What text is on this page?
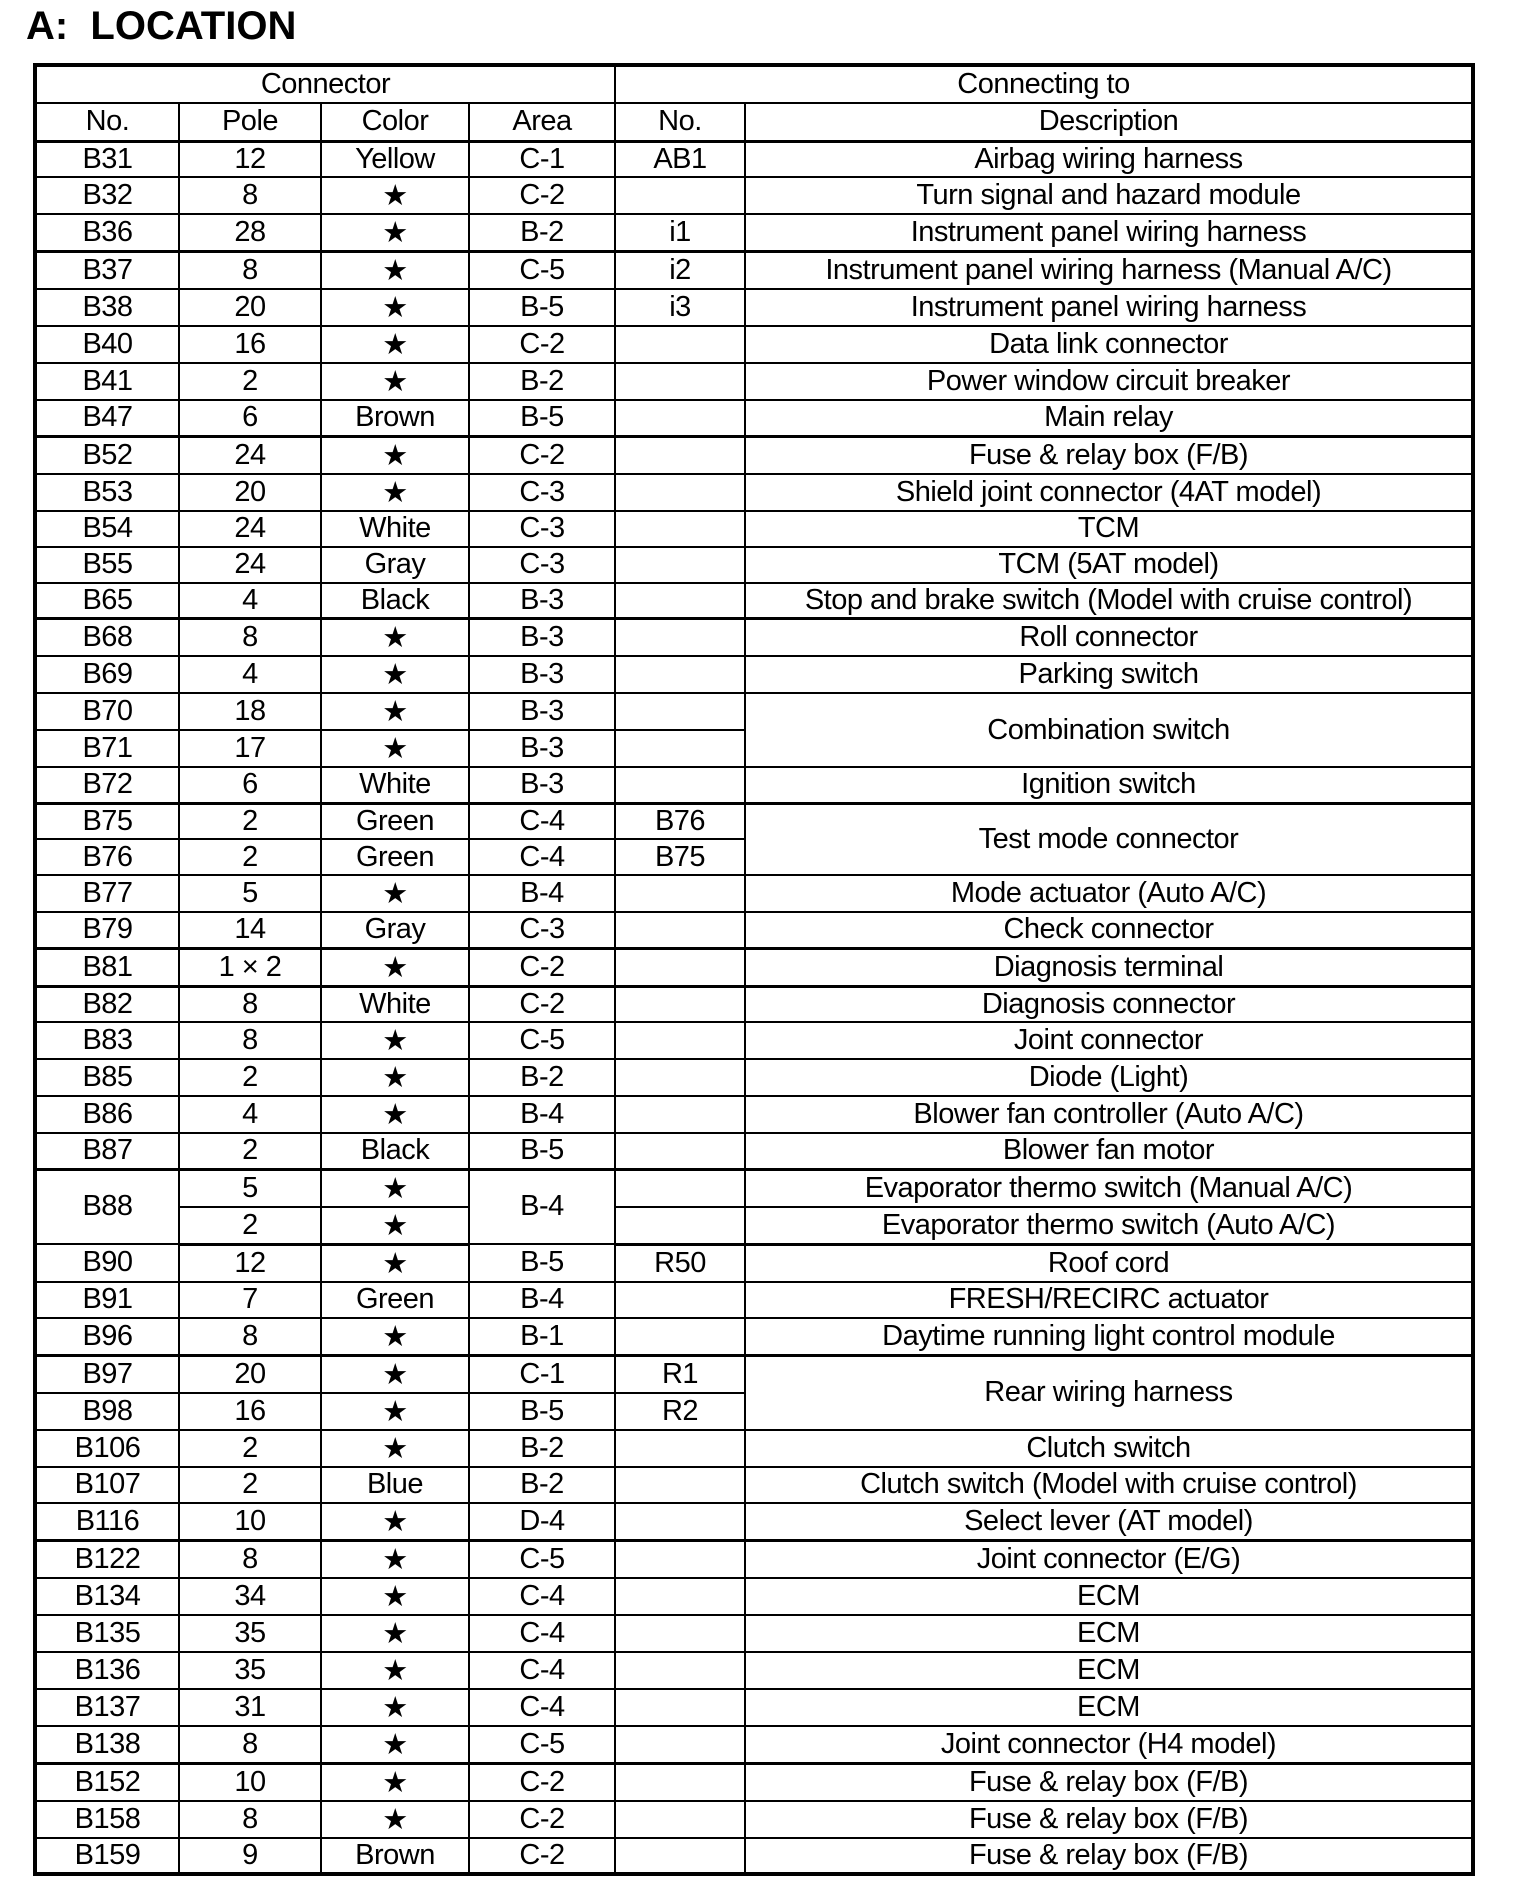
A:  LOCATION
Connector				Connecting to	
No.	Pole	Color	Area	No.	Description
B31	12	Yellow	C-1	AB1	Airbag wiring harness
B32	8	★	C-2		Turn signal and hazard module
B36	28	★	B-2	i1	Instrument panel wiring harness
B37	8	★	C-5	i2	Instrument panel wiring harness (Manual A/C)
B38	20	★	B-5	i3	Instrument panel wiring harness
B40	16	★	C-2		Data link connector
B41	2	★	B-2		Power window circuit breaker
B47	6	Brown	B-5		Main relay
B52	24	★	C-2		Fuse & relay box (F/B)
B53	20	★	C-3		Shield joint connector (4AT model)
B54	24	White	C-3		TCM
B55	24	Gray	C-3		TCM (5AT model)
B65	4	Black	B-3		Stop and brake switch (Model with cruise control)
B68	8	★	B-3		Roll connector
B69	4	★	B-3		Parking switch
B70	18	★	B-3		Combination switch
B71	17	★	B-3		
B72	6	White	B-3		Ignition switch
B75	2	Green	C-4	B76	Test mode connector
B76	2	Green	C-4	B75	
B77	5	★	B-4		Mode actuator (Auto A/C)
B79	14	Gray	C-3		Check connector
B81	1 × 2	★	C-2		Diagnosis terminal
B82	8	White	C-2		Diagnosis connector
B83	8	★	C-5		Joint connector
B85	2	★	B-2		Diode (Light)
B86	4	★	B-4		Blower fan controller (Auto A/C)
B87	2	Black	B-5		Blower fan motor
B88	5	★	B-4		Evaporator thermo switch (Manual A/C)
	2	★			Evaporator thermo switch (Auto A/C)
B90	12	★	B-5	R50	Roof cord
B91	7	Green	B-4		FRESH/RECIRC actuator
B96	8	★	B-1		Daytime running light control module
B97	20	★	C-1	R1	Rear wiring harness
B98	16	★	B-5	R2	
B106	2	★	B-2		Clutch switch
B107	2	Blue	B-2		Clutch switch (Model with cruise control)
B116	10	★	D-4		Select lever (AT model)
B122	8	★	C-5		Joint connector (E/G)
B134	34	★	C-4		ECM
B135	35	★	C-4		ECM
B136	35	★	C-4		ECM
B137	31	★	C-4		ECM
B138	8	★	C-5		Joint connector (H4 model)
B152	10	★	C-2		Fuse & relay box (F/B)
B158	8	★	C-2		Fuse & relay box (F/B)
B159	9	Brown	C-2		Fuse & relay box (F/B)
